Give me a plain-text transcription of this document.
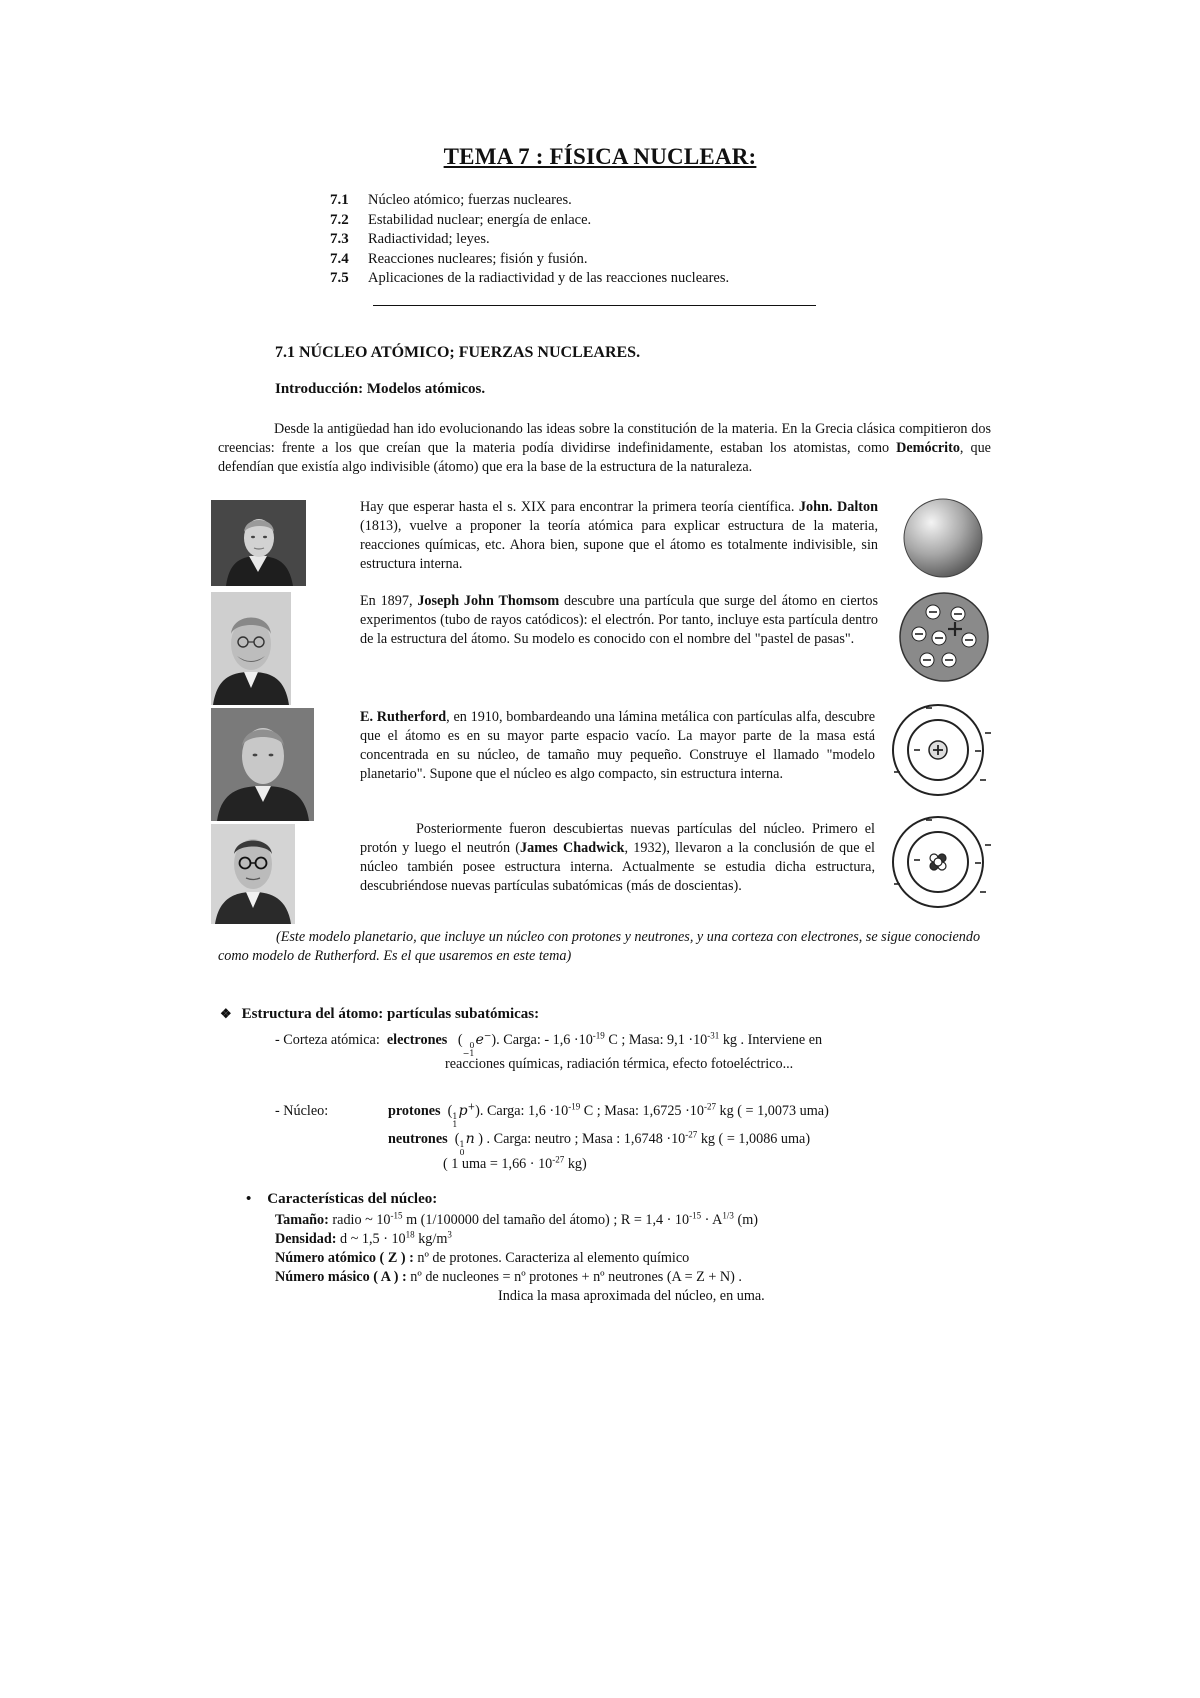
TEMA 7 : FÍSICA NUCLEAR:
7.1 Núcleo atómico; fuerzas nucleares.
7.2 Estabilidad nuclear; energía de enlace.
7.3 Radiactividad; leyes.
7.4 Reacciones nucleares; fisión y fusión.
7.5 Aplicaciones de la radiactividad y de las reacciones nucleares.
7.1 NÚCLEO ATÓMICO; FUERZAS NUCLEARES.
Introducción: Modelos atómicos.
Desde la antigüedad han ido evolucionando las ideas sobre la constitución de la materia. En la Grecia clásica compitieron dos creencias: frente a los que creían que la materia podía dividirse indefinidamente, estaban los atomistas, como Demócrito, que defendían que existía algo indivisible (átomo) que era la base de la estructura de la naturaleza.
Hay que esperar hasta el s. XIX para encontrar la primera teoría científica. John. Dalton (1813), vuelve a proponer la teoría atómica para explicar estructura de la materia, reacciones químicas, etc. Ahora bien, supone que el átomo es totalmente indivisible, sin estructura interna.
En 1897, Joseph John Thomsom descubre una partícula que surge del átomo en ciertos experimentos (tubo de rayos catódicos): el electrón. Por tanto, incluye esta partícula dentro de la estructura del átomo. Su modelo es conocido con el nombre del "pastel de pasas".
E. Rutherford, en 1910, bombardeando una lámina metálica con partículas alfa, descubre que el átomo es en su mayor parte espacio vacío. La mayor parte de la masa está concentrada en su núcleo, de tamaño muy pequeño. Construye el llamado "modelo planetario". Supone que el núcleo es algo compacto, sin estructura interna.
Posteriormente fueron descubiertas nuevas partículas del núcleo. Primero el protón y luego el neutrón (James Chadwick, 1932), llevaron a la conclusión de que el núcleo también posee estructura interna. Actualmente se estudia dicha estructura, descubriéndose nuevas partículas subatómicas (más de doscientas).
(Este modelo planetario, que incluye un núcleo con protones y neutrones, y una corteza con electrones, se sigue conociendo como modelo de Rutherford. Es el que usaremos en este tema)
❖ Estructura del átomo: partículas subatómicas:
- Corteza atómica: electrones   ( 0
−1
e−). Carga: - $1,6 \cdot 10^{-19}$ C ; Masa: $9,1 \cdot 10^{-31}$ kg . Interviene en
reacciones químicas, radiación térmica, efecto fotoeléctrico...
- Núcleo:	protones  ( 1
1
p+). Carga: $1,6 \cdot 10^{-19}$ C ; Masa: $1,6725 \cdot 10^{-27}$ kg ( = 1,0073 uma)
neutrones  ( 1
0
n ) . Carga: neutro ; Masa : $1,6748 \cdot 10^{-27}$ kg ( = 1,0086 uma)
( 1 uma = $1,66 \cdot 10^{-27}$ kg)
• Características del núcleo:
Tamaño: radio ~ $10^{-15}$ m (1/100000 del tamaño del átomo) ; $R = 1,4 \cdot 10^{-15} \cdot A^{1/3}$ (m)
Densidad: d ~ $1,5 \cdot 10^{18}$ $kg/m^3$
Número atómico ( Z ) : nº de protones. Caracteriza al elemento químico
Número másico ( A ) : nº de nucleones = nº protones + nº neutrones (A = Z + N) .
Indica la masa aproximada del núcleo, en uma.
